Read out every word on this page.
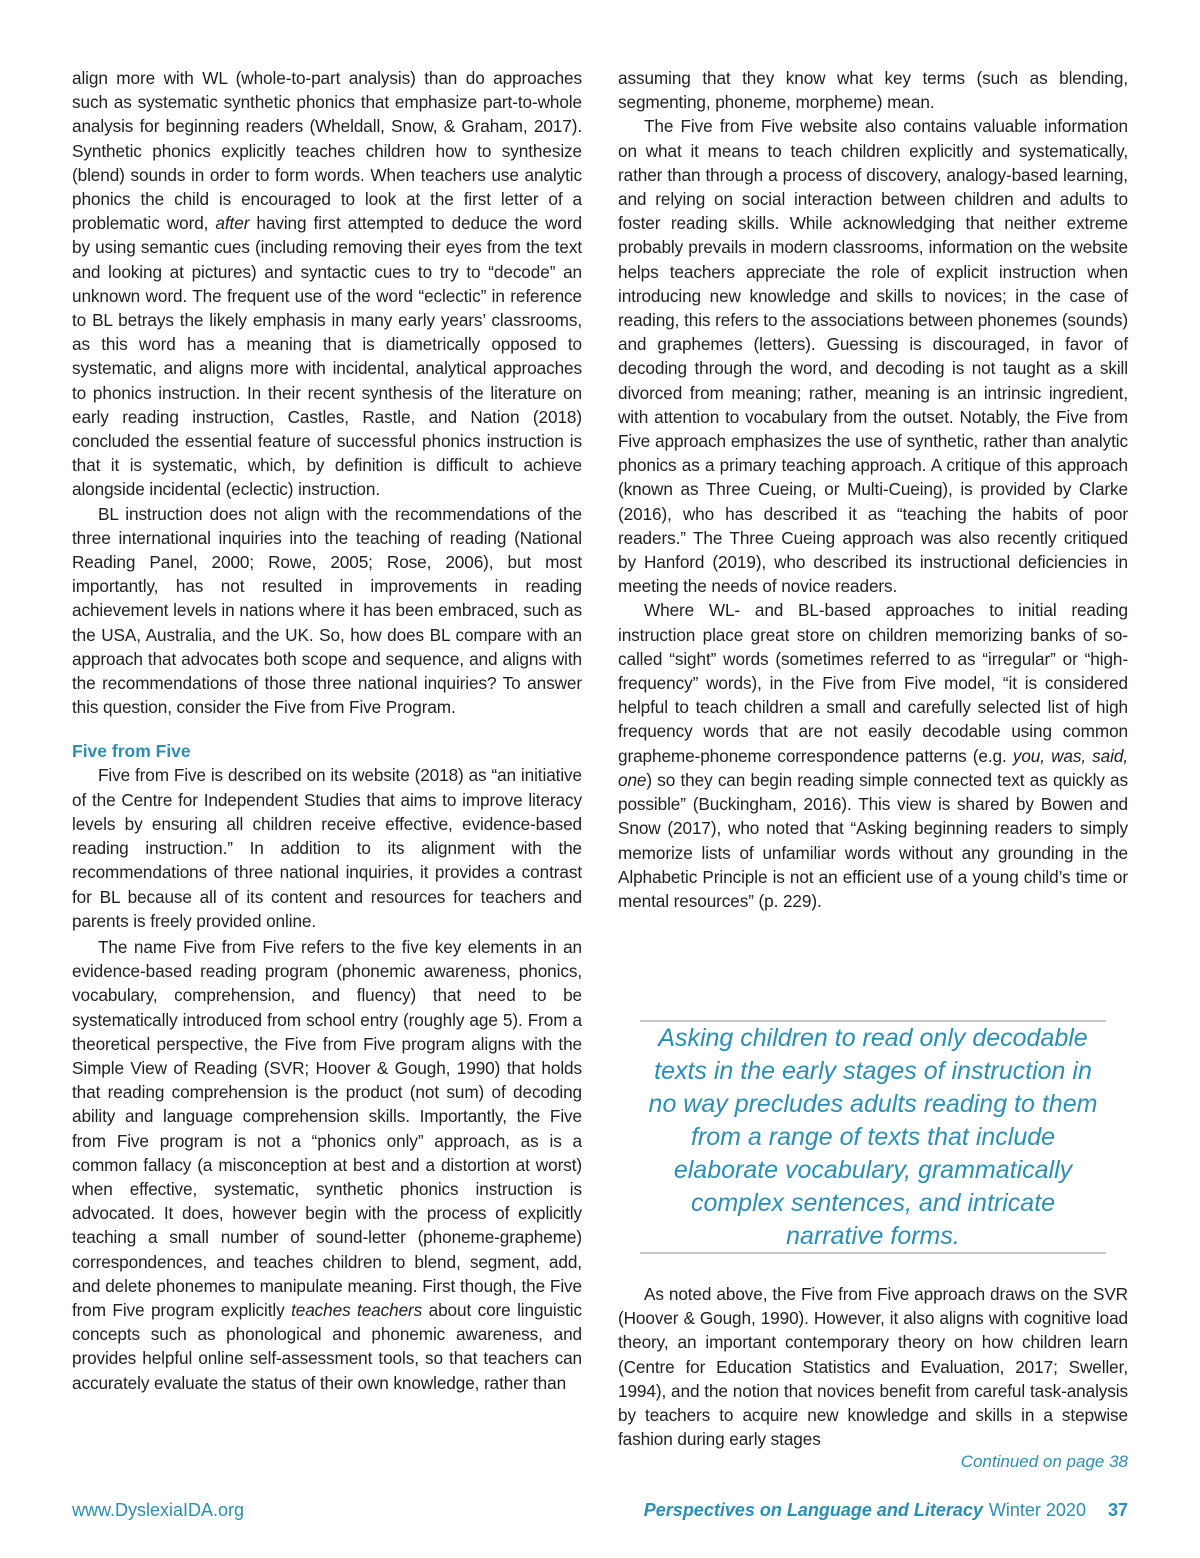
align more with WL (whole-to-part analysis) than do approaches such as systematic synthetic phonics that emphasize part-to-whole analysis for beginning readers (Wheldall, Snow, & Graham, 2017). Synthetic phonics explicitly teaches children how to synthesize (blend) sounds in order to form words. When teachers use analytic phonics the child is encouraged to look at the first letter of a problematic word, after having first attempted to deduce the word by using semantic cues (including removing their eyes from the text and looking at pictures) and syntactic cues to try to “decode” an unknown word. The frequent use of the word “eclectic” in reference to BL betrays the likely emphasis in many early years’ classrooms, as this word has a meaning that is diametrically opposed to systematic, and aligns more with incidental, analytical approaches to phonics instruction. In their recent synthesis of the literature on early reading instruction, Castles, Rastle, and Nation (2018) concluded the essential feature of successful phonics instruction is that it is systematic, which, by definition is difficult to achieve alongside incidental (eclectic) instruction.

BL instruction does not align with the recommendations of the three international inquiries into the teaching of reading (National Reading Panel, 2000; Rowe, 2005; Rose, 2006), but most importantly, has not resulted in improvements in reading achievement levels in nations where it has been embraced, such as the USA, Australia, and the UK. So, how does BL compare with an approach that advocates both scope and sequence, and aligns with the recommendations of those three national inquiries? To answer this question, consider the Five from Five Program.

Five from Five

Five from Five is described on its website (2018) as “an initiative of the Centre for Independent Studies that aims to improve literacy levels by ensuring all children receive effective, evidence-based reading instruction.” In addition to its alignment with the recommendations of three national inquiries, it provides a contrast for BL because all of its content and resources for teachers and parents is freely provided online.

The name Five from Five refers to the five key elements in an evidence-based reading program (phonemic awareness, phonics, vocabulary, comprehension, and fluency) that need to be systematically introduced from school entry (roughly age 5). From a theoretical perspective, the Five from Five program aligns with the Simple View of Reading (SVR; Hoover & Gough, 1990) that holds that reading comprehension is the product (not sum) of decoding ability and language comprehension skills. Importantly, the Five from Five program is not a “phonics only” approach, as is a common fallacy (a misconception at best and a distortion at worst) when effective, systematic, synthetic phonics instruction is advocated. It does, however begin with the process of explicitly teaching a small number of sound-letter (phoneme-grapheme) correspondences, and teaches children to blend, segment, add, and delete phonemes to manipulate meaning. First though, the Five from Five program explicitly teaches teachers about core linguistic concepts such as phonological and phonemic awareness, and provides helpful online self-assessment tools, so that teachers can accurately evaluate the status of their own knowledge, rather than

assuming that they know what key terms (such as blending, segmenting, phoneme, morpheme) mean.

The Five from Five website also contains valuable information on what it means to teach children explicitly and systematically, rather than through a process of discovery, analogy-based learning, and relying on social interaction between children and adults to foster reading skills. While acknowledging that neither extreme probably prevails in modern classrooms, information on the website helps teachers appreciate the role of explicit instruction when introducing new knowledge and skills to novices; in the case of reading, this refers to the associations between phonemes (sounds) and graphemes (letters). Guessing is discouraged, in favor of decoding through the word, and decoding is not taught as a skill divorced from meaning; rather, meaning is an intrinsic ingredient, with attention to vocabulary from the outset. Notably, the Five from Five approach emphasizes the use of synthetic, rather than analytic phonics as a primary teaching approach. A critique of this approach (known as Three Cueing, or Multi-Cueing), is provided by Clarke (2016), who has described it as “teaching the habits of poor readers.” The Three Cueing approach was also recently critiqued by Hanford (2019), who described its instructional deficiencies in meeting the needs of novice readers.

Where WL- and BL-based approaches to initial reading instruction place great store on children memorizing banks of so-called “sight” words (sometimes referred to as “irregular” or “high-frequency” words), in the Five from Five model, “it is considered helpful to teach children a small and carefully selected list of high frequency words that are not easily decodable using common grapheme-phoneme correspondence patterns (e.g. you, was, said, one) so they can begin reading simple connected text as quickly as possible” (Buckingham, 2016). This view is shared by Bowen and Snow (2017), who noted that “Asking beginning readers to simply memorize lists of unfamiliar words without any grounding in the Alphabetic Principle is not an efficient use of a young child’s time or mental resources” (p. 229).

Asking children to read only decodable texts in the early stages of instruction in no way precludes adults reading to them from a range of texts that include elaborate vocabulary, grammatically complex sentences, and intricate narrative forms.

As noted above, the Five from Five approach draws on the SVR (Hoover & Gough, 1990). However, it also aligns with cognitive load theory, an important contemporary theory on how children learn (Centre for Education Statistics and Evaluation, 2017; Sweller, 1994), and the notion that novices benefit from careful task-analysis by teachers to acquire new knowledge and skills in a stepwise fashion during early stages

Continued on page 38
www.DyslexiaIDA.org	Perspectives on Language and Literacy Winter 2020 37
